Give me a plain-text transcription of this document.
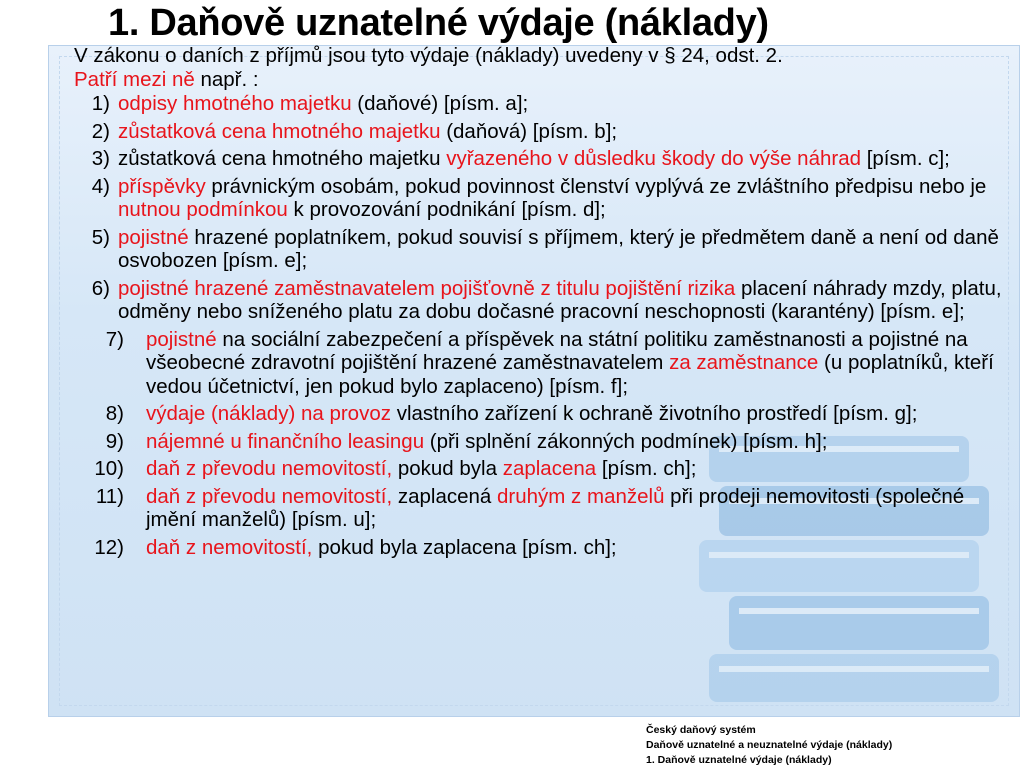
1. Daňově uznatelné výdaje (náklady)

V zákonu o daních z příjmů jsou tyto výdaje (náklady) uvedeny v § 24, odst. 2.
Patří mezi ně např. :

1) odpisy hmotného majetku (daňové) [písm. a];
2) zůstatková cena hmotného majetku (daňová) [písm. b];
3) zůstatková cena hmotného majetku vyřazeného v důsledku škody do výše náhrad [písm. c];
4) příspěvky právnickým osobám, pokud povinnost členství vyplývá ze zvláštního předpisu nebo je nutnou podmínkou k provozování podnikání [písm. d];
5) pojistné hrazené poplatníkem, pokud souvisí s příjmem, který je předmětem daně a není od daně osvobozen [písm. e];
6) pojistné hrazené zaměstnavatelem pojišťovně z titulu pojištění rizika placení náhrady mzdy, platu, odměny nebo sníženého platu za dobu dočasné pracovní neschopnosti (karantény) [písm. e];
7) pojistné na sociální zabezpečení a příspěvek na státní politiku zaměstnanosti a pojistné na všeobecné zdravotní pojištění hrazené zaměstnavatelem za zaměstnance (u poplatníků, kteří vedou účetnictví, jen pokud bylo zaplaceno) [písm. f];
8) výdaje (náklady) na provoz vlastního zařízení k ochraně životního prostředí [písm. g];
9) nájemné u finančního leasingu (při splnění zákonných podmínek) [písm. h];
10) daň z převodu nemovitostí, pokud byla zaplacena [písm. ch];
11) daň z převodu nemovitostí, zaplacená druhým z manželů při prodeji nemovitosti (společné jmění manželů) [písm. u];
12) daň z nemovitostí, pokud byla zaplacena [písm. ch];
Český daňový systém
Daňově uznatelné a neuznatelné výdaje (náklady)
1. Daňově uznatelné výdaje (náklady)
